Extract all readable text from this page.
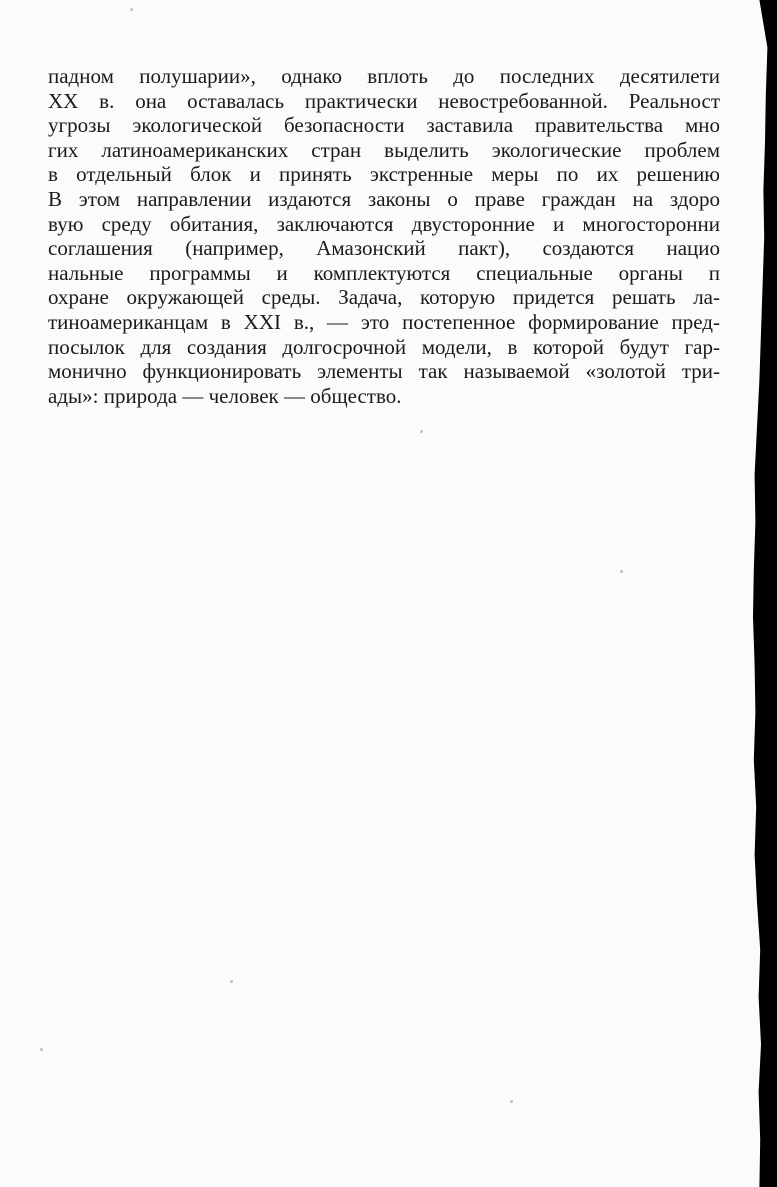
падном полушарии», однако вплоть до последних десятилети
XX в. она оставалась практически невостребованной. Реальност
угрозы экологической безопасности заставила правительства мно
гих латиноамериканских стран выделить экологические проблем
в отдельный блок и принять экстренные меры по их решению
В этом направлении издаются законы о праве граждан на здоро
вую среду обитания, заключаются двусторонние и многосторонни
соглашения (например, Амазонский пакт), создаются нацио
нальные программы и комплектуются специальные органы п
охране окружающей среды. Задача, которую придется решать ла-
тиноамериканцам в XXI в., — это постепенное формирование пред-
посылок для создания долгосрочной модели, в которой будут гар-
монично функционировать элементы так называемой «золотой три-
ады»: природа — человек — общество.
